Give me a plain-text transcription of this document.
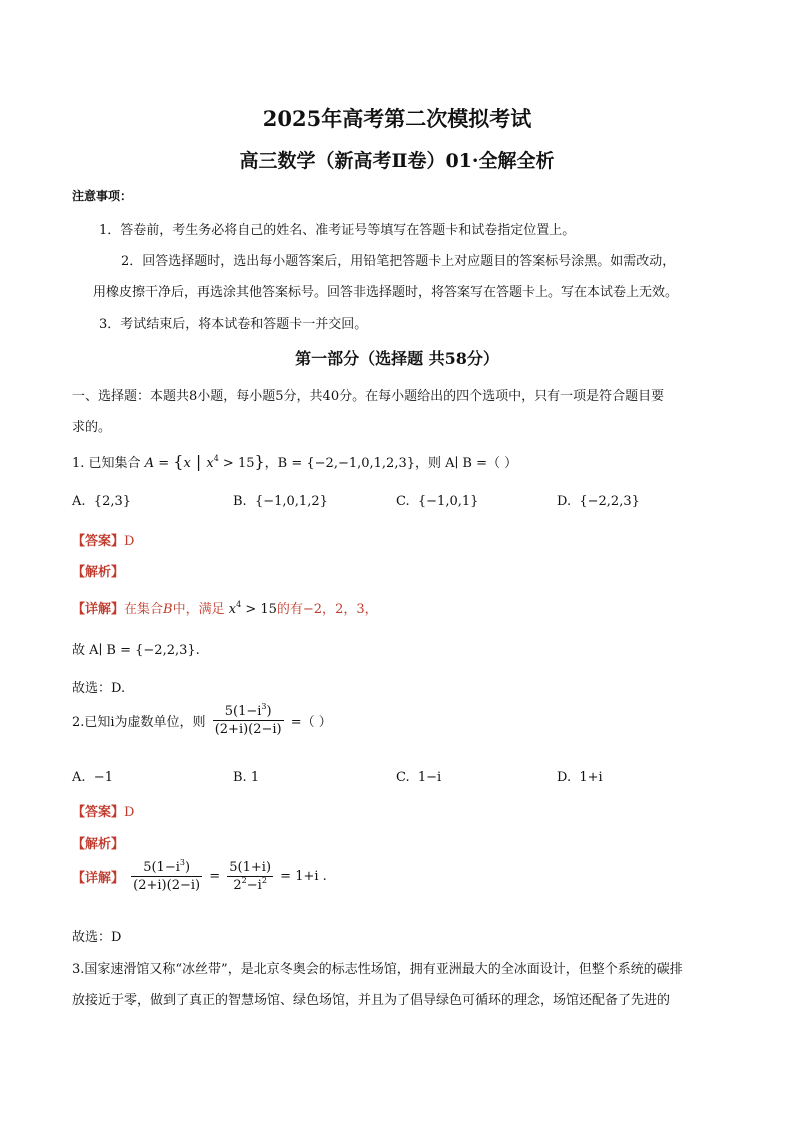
2025年高考第二次模拟考试
高三数学（新高考Ⅱ卷）01·全解全析
注意事项：
1．答卷前，考生务必将自己的姓名、准考证号等填写在答题卡和试卷指定位置上。
2．回答选择题时，选出每小题答案后，用铅笔把答题卡上对应题目的答案标号涂黑。如需改动，
用橡皮擦干净后，再选涂其他答案标号。回答非选择题时，将答案写在答题卡上。写在本试卷上无效。
3．考试结束后，将本试卷和答题卡一并交回。
第一部分（选择题 共58分）
一、选择题：本题共8小题，每小题5分，共40分。在每小题给出的四个选项中，只有一项是符合题目要
求的。
1. 已知集合 A = {x | $x^4 > 15$}，B = {−2,−1,0,1,2,3}，则 A∣ B =（ ）
A. {2,3}	B. {−1,0,1,2}	C. {−1,0,1}	D. {−2,2,3}
【答案】D
【解析】
【详解】在集合B中，满足 $x^4 > 15$的有−2，2，3，
故 A∣ B = {−2,2,3}.
故选：D.
2.已知i为虚数单位，则 $\frac{5(1-i^3)}{(2+i)(2-i)}$ =（ ）
A. −1	B. 1	C. 1−i	D. 1+i
【答案】D
【解析】
【详解】 $\frac{5(1-i^3)}{(2+i)(2-i)} = \frac{5(1+i)}{2^2-i^2} = 1+i$ .
故选：D
3.国家速滑馆又称“冰丝带”，是北京冬奥会的标志性场馆，拥有亚洲最大的全冰面设计，但整个系统的碳排
放接近于零，做到了真正的智慧场馆、绿色场馆，并且为了倡导绿色可循环的理念，场馆还配备了先进的
